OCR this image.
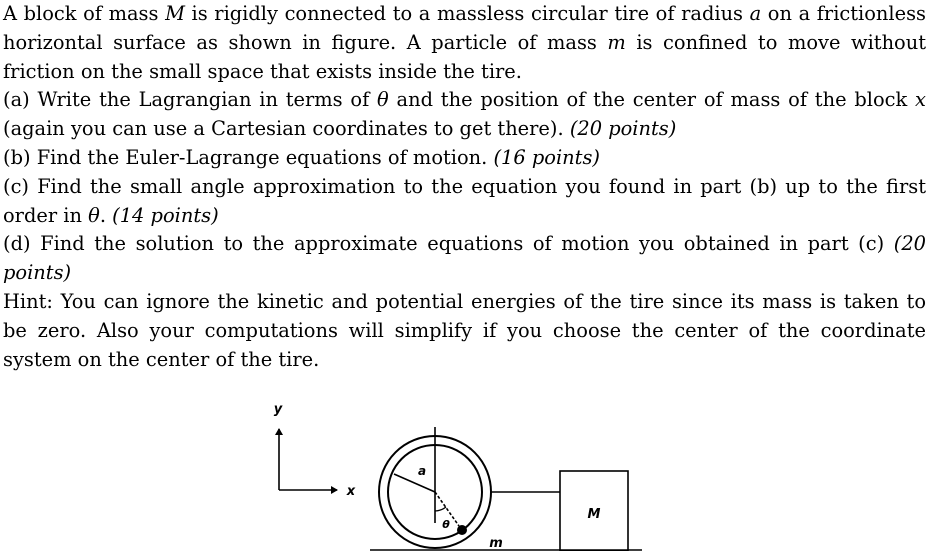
A block of mass M is rigidly connected to a massless circular tire of radius a on a frictionless horizontal surface as shown in figure. A particle of mass m is confined to move without friction on the small space that exists inside the tire.

(a) Write the Lagrangian in terms of θ and the position of the center of mass of the block x (again you can use a Cartesian coordinates to get there). (20 points)

(b) Find the Euler-Lagrange equations of motion. (16 points)

(c) Find the small angle approximation to the equation you found in part (b) up to the first order in θ. (14 points)

(d) Find the solution to the approximate equations of motion you obtained in part (c) (20 points)

Hint: You can ignore the kinetic and potential energies of the tire since its mass is taken to be zero. Also your computations will simplify if you choose the center of the coordinate system on the center of the tire.

y
x
a
θ
m
M
